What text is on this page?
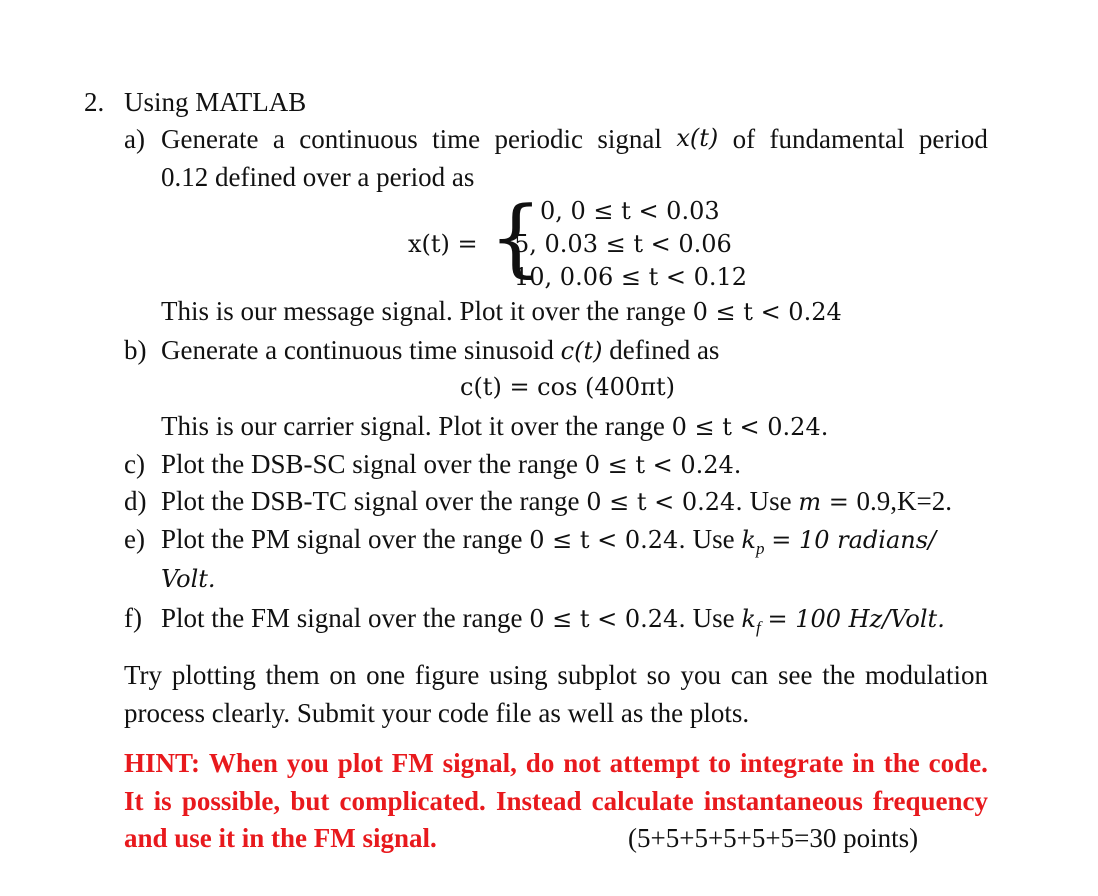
2. Using MATLAB
a) Generate a continuous time periodic signal x(t) of fundamental period
0.12 defined over a period as
x(t) = {
0, 0 ≤ t < 0.03
5, 0.03 ≤ t < 0.06
10, 0.06 ≤ t < 0.12
This is our message signal. Plot it over the range 0 ≤ t < 0.24
b) Generate a continuous time sinusoid c(t) defined as
c(t) = cos (400πt)
This is our carrier signal. Plot it over the range 0 ≤ t < 0.24.
c) Plot the DSB-SC signal over the range 0 ≤ t < 0.24.
d) Plot the DSB-TC signal over the range 0 ≤ t < 0.24. Use m = 0.9,K=2.
e) Plot the PM signal over the range 0 ≤ t < 0.24. Use $k_p = 10$ radians/
Volt.
f) Plot the FM signal over the range 0 ≤ t < 0.24. Use $k_f = 100$ Hz/Volt.
Try plotting them on one figure using subplot so you can see the modulation
process clearly. Submit your code file as well as the plots.
HINT: When you plot FM signal, do not attempt to integrate in the code.
It is possible, but complicated. Instead calculate instantaneous frequency
and use it in the FM signal.	(5+5+5+5+5+5=30 points)
